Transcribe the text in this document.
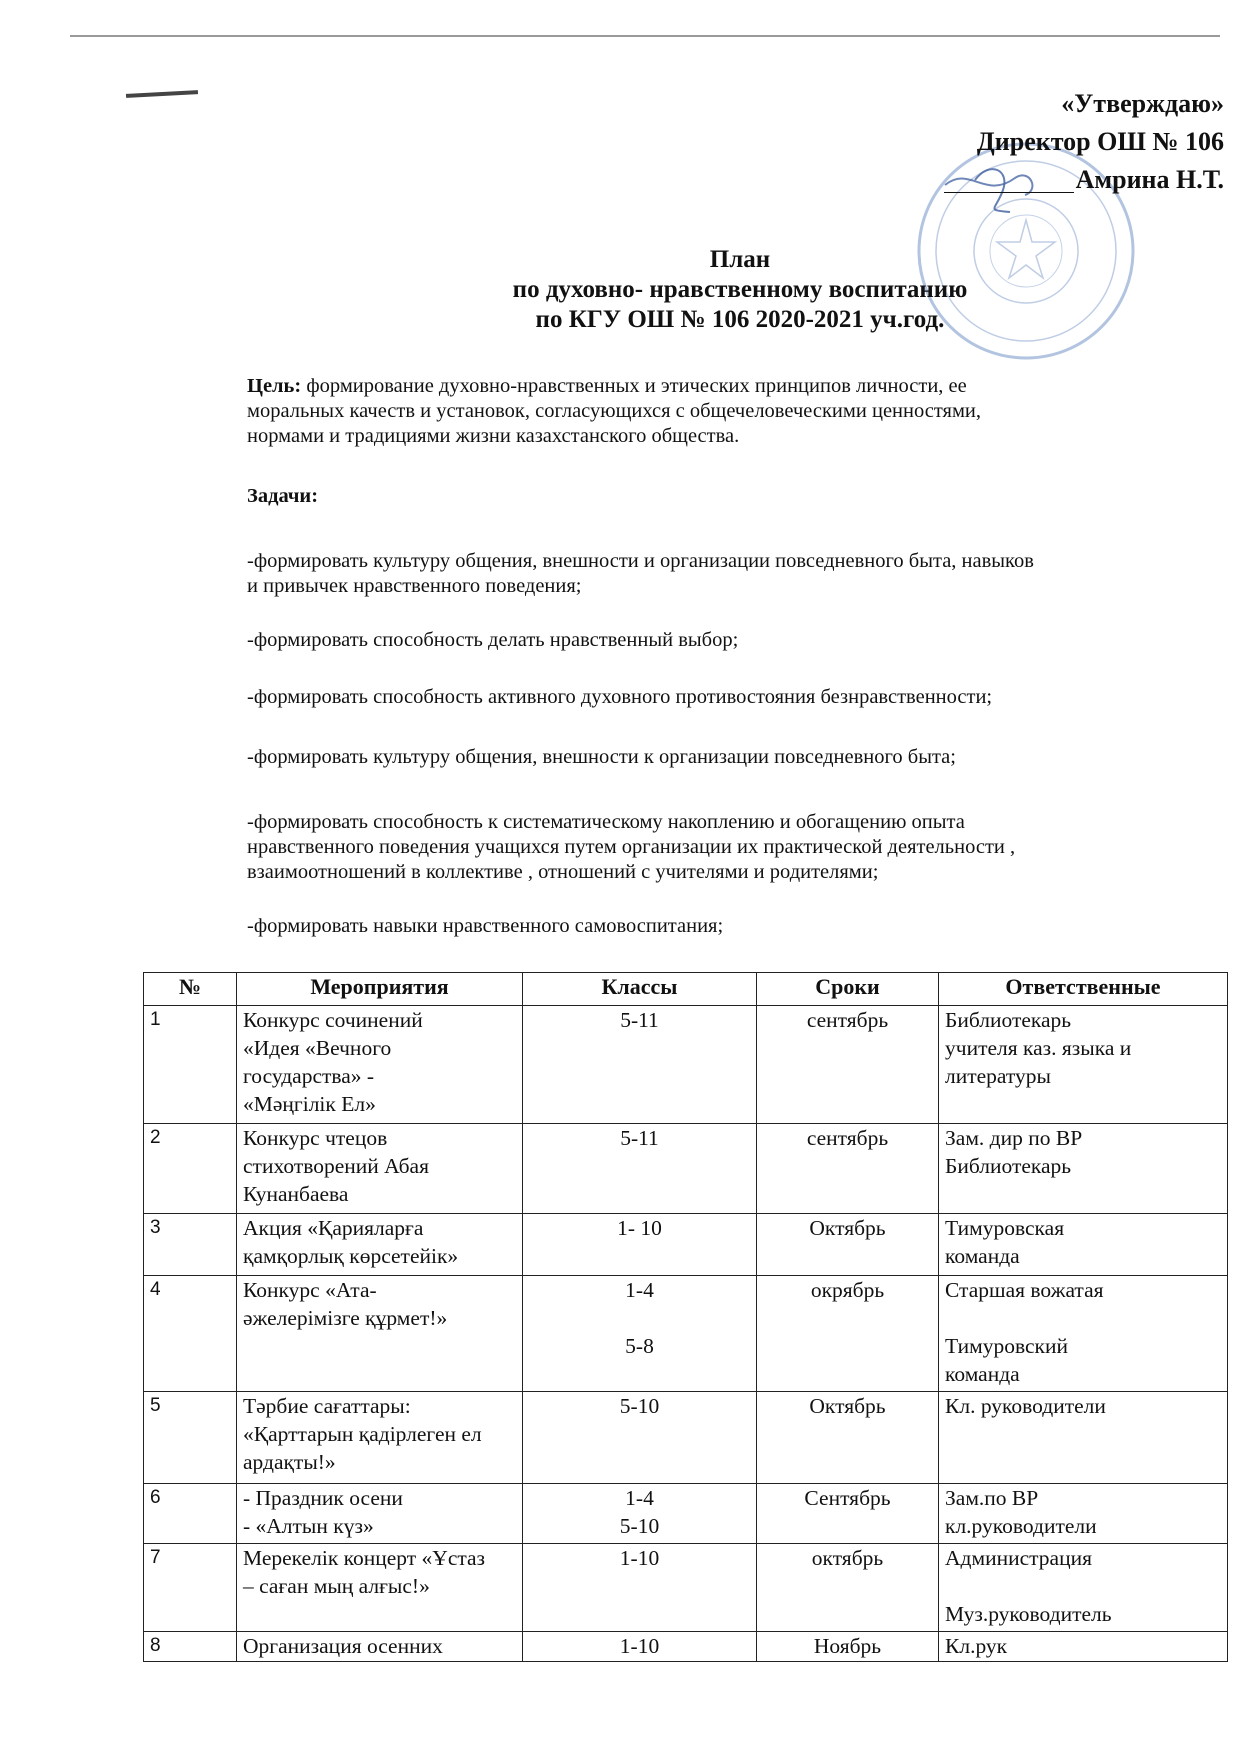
«Утверждаю»
Директор ОШ № 106
Амрина Н.Т.
План
по духовно- нравственному воспитанию
по КГУ ОШ № 106 2020-2021 уч.год.
Цель: формирование духовно-нравственных и этических принципов личности, ее
моральных качеств и установок, согласующихся с общечеловеческими ценностями,
нормами и традициями жизни казахстанского общества.
Задачи:
-формировать культуру общения, внешности и организации повседневного быта, навыков
и привычек нравственного поведения;
-формировать способность делать нравственный выбор;
-формировать способность активного духовного противостояния безнравственности;
-формировать культуру общения, внешности к организации повседневного быта;
-формировать способность к систематическому накоплению и обогащению опыта
нравственного поведения учащихся путем организации их практической деятельности ,
взаимоотношений в коллективе , отношений с учителями и родителями;
-формировать навыки нравственного самовоспитания;
№	Мероприятия	Классы	Сроки	Ответственные
1	Конкурс сочинений
«Идея «Вечного
государства» -
«Мәңгілік Ел»	5-11	сентябрь	Библиотекарь
учителя каз. языка и
литературы
2	Конкурс чтецов
стихотворений Абая
Кунанбаева	5-11	сентябрь	Зам. дир по ВР
Библиотекарь
3	Акция «Қарияларға
қамқорлық көрсетейік»	1- 10	Октябрь	Тимуровская
команда
4	Конкурс «Ата-
әжелерімізге құрмет!»	1-4

5-8	окрябрь	Старшая вожатая

Тимуровский
команда
5	Тәрбие сағаттары:
«Қарттарын қадірлеген ел
ардақты!»	5-10	Октябрь	Кл. руководители
6	- Праздник осени
- «Алтын күз»	1-4
5-10	Сентябрь	Зам.по ВР
кл.руководители
7	Мерекелік концерт «Ұстаз
– саған мың алғыс!»	1-10	октябрь	Администрация

Муз.руководитель
8	Организация осенних	1-10	Ноябрь	Кл.рук
